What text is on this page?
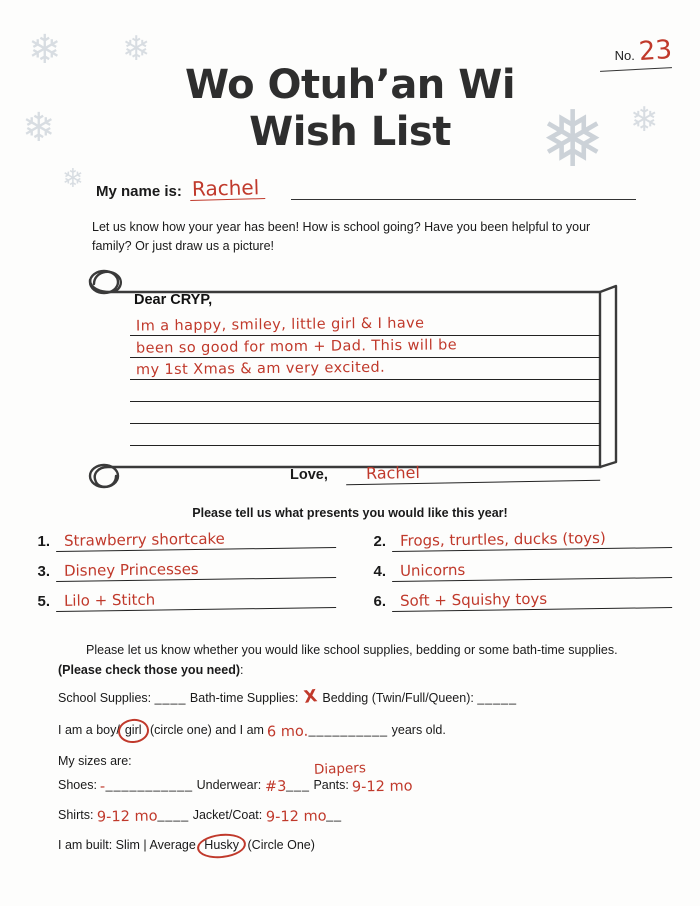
❄ ❄
❄
❄	❅ ❄
No. 23
Wo Otuh’an Wi
Wish List
My name is: Rachel
Let us know how your year has been! How is school going? Have you been helpful to your family? Or just draw us a picture!
Dear CRYP,
Im a happy, smiley, little girl & I have
been so good for mom + Dad. This will be
my 1st Xmas & am very excited.
Love,	Rachel
Please tell us what presents you would like this year!
1. Strawberry shortcake	2. Frogs, trurtles, ducks (toys)
3. Disney Princesses	4. Unicorns
5. Lilo + Stitch	6. Soft + Squishy toys
Please let us know whether you would like school supplies, bedding or some bath-time supplies. (Please check those you need):
School Supplies: ____ Bath-time Supplies: X Bedding (Twin/Full/Queen): _____
I am a boy/ girl (circle one) and I am 6 mo.__________ years old.
My sizes are:
Shoes: -___________ Underwear:
Diapers
#3___ Pants: 9-12 mo
Shirts: 9-12 mo____ Jacket/Coat: 9-12 mo__
I am built: Slim | Average Husky (Circle One)
